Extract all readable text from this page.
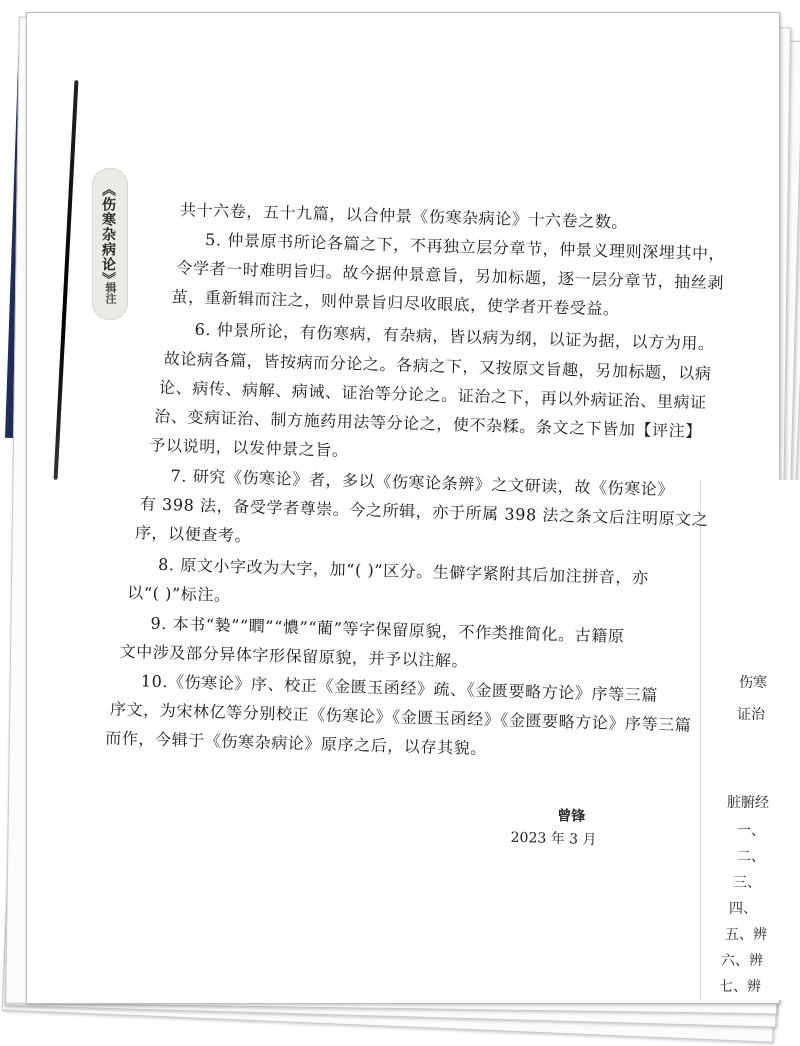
《伤寒杂病论》
辑注
伤寒
证治
脏腑经
一、
二、
三、
四、
五、辨
六、辨
七、辨
共十六卷，五十九篇，以合仲景《伤寒杂病论》十六卷之数。
5. 仲景原书所论各篇之下，不再独立层分章节，仲景义理则深埋其中，
令学者一时难明旨归。故今据仲景意旨，另加标题，逐一层分章节，抽丝剥
茧，重新辑而注之，则仲景旨归尽收眼底，使学者开卷受益。
6. 仲景所论，有伤寒病，有杂病，皆以病为纲，以证为据，以方为用。
故论病各篇，皆按病而分论之。各病之下，又按原文旨趣，另加标题，以病
论、病传、病解、病诫、证治等分论之。证治之下，再以外病证治、里病证
治、变病证治、制方施药用法等分论之，使不杂糅。条文之下皆加【评注】
予以说明，以发仲景之旨。
7. 研究《伤寒论》者，多以《伤寒论条辨》之文研读，故《伤寒论》
有 398 法，备受学者尊崇。今之所辑，亦于所属 398 法之条文后注明原文之
序，以便查考。
8. 原文小字改为大字，加“( )”区分。生僻字紧附其后加注拼音，亦
以“( )”标注。
9. 本书“褺”“瞤”“憹”“藺”等字保留原貌，不作类推简化。古籍原
文中涉及部分异体字形保留原貌，并予以注解。
10.《伤寒论》序、校正《金匮玉函经》疏、《金匮要略方论》序等三篇
序文，为宋林亿等分别校正《伤寒论》《金匮玉函经》《金匮要略方论》序等三篇
而作，今辑于《伤寒杂病论》原序之后，以存其貌。
曾锋
2023 年 3 月
